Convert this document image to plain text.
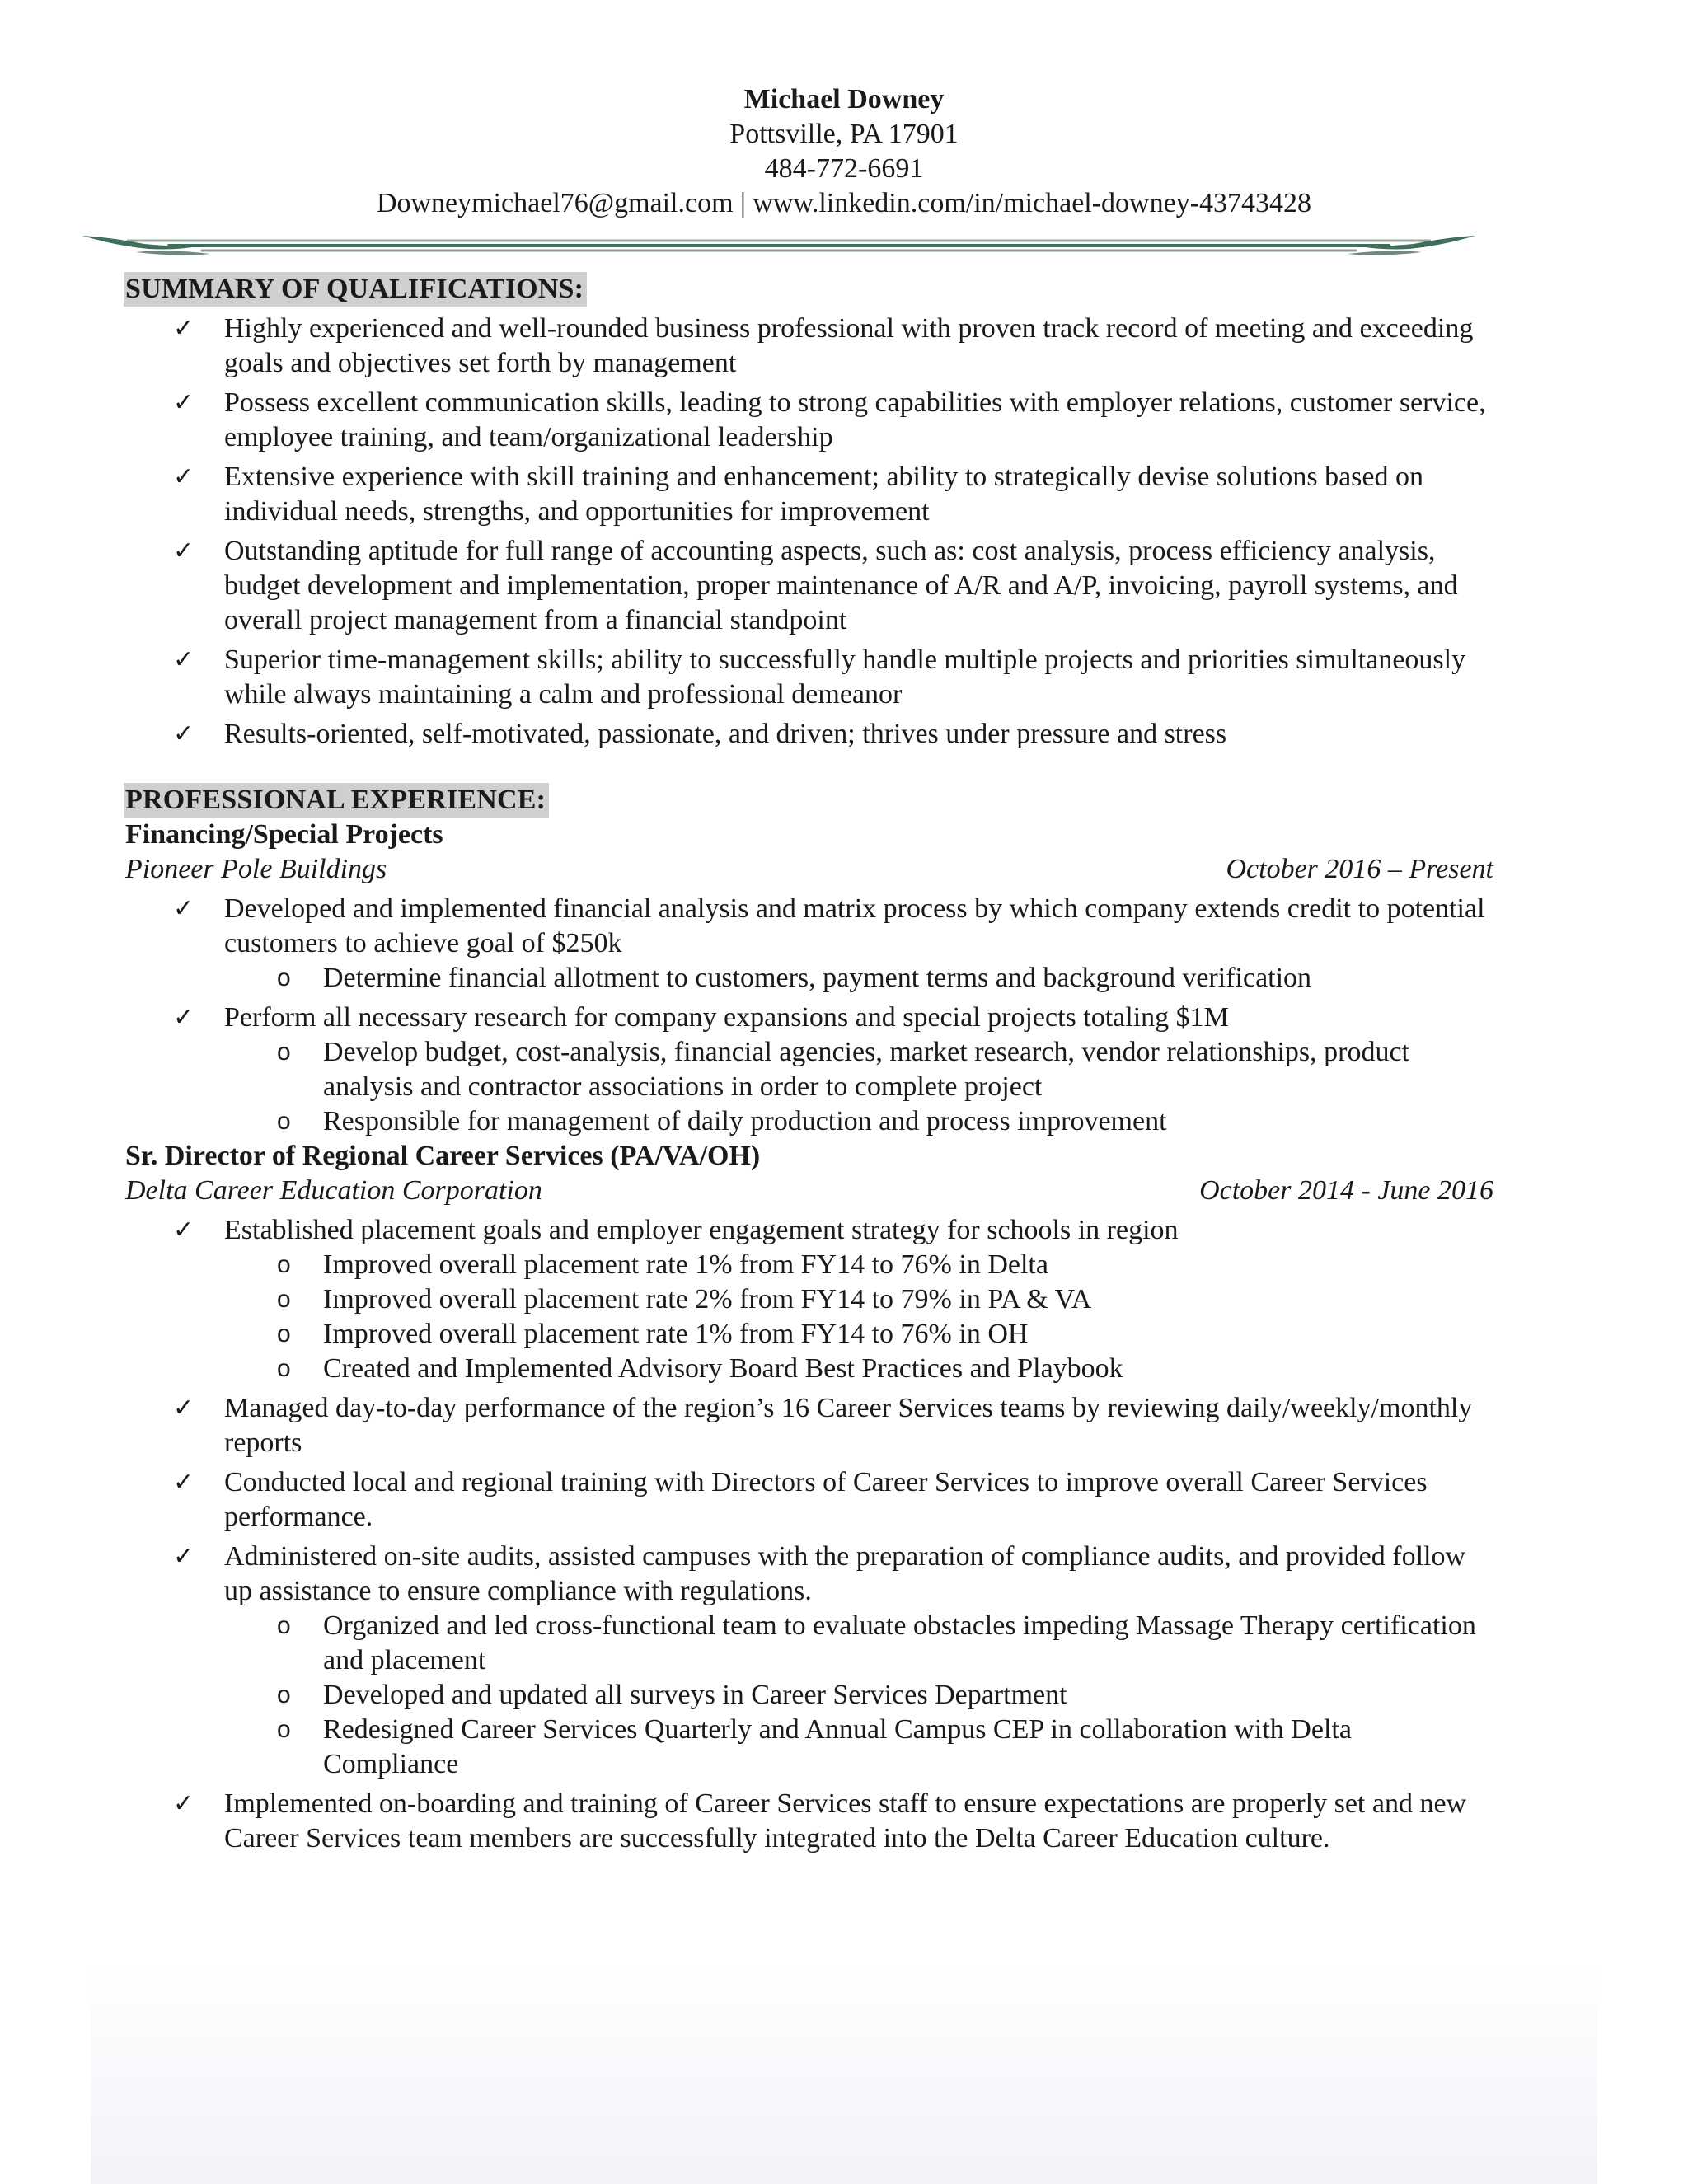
Michael Downey
Pottsville, PA 17901
484-772-6691
Downeymichael76@gmail.com | www.linkedin.com/in/michael-downey-43743428
SUMMARY OF QUALIFICATIONS:
✓ Highly experienced and well-rounded business professional with proven track record of meeting and exceeding goals and objectives set forth by management
✓ Possess excellent communication skills, leading to strong capabilities with employer relations, customer service, employee training, and team/organizational leadership
✓ Extensive experience with skill training and enhancement; ability to strategically devise solutions based on individual needs, strengths, and opportunities for improvement
✓ Outstanding aptitude for full range of accounting aspects, such as: cost analysis, process efficiency analysis, budget development and implementation, proper maintenance of A/R and A/P, invoicing, payroll systems, and overall project management from a financial standpoint
✓ Superior time-management skills; ability to successfully handle multiple projects and priorities simultaneously while always maintaining a calm and professional demeanor
✓ Results-oriented, self-motivated, passionate, and driven; thrives under pressure and stress
PROFESSIONAL EXPERIENCE:
Financing/Special Projects
Pioneer Pole Buildings	October 2016 – Present
✓ Developed and implemented financial analysis and matrix process by which company extends credit to potential customers to achieve goal of $250k
o Determine financial allotment to customers, payment terms and background verification
✓ Perform all necessary research for company expansions and special projects totaling $1M
o Develop budget, cost-analysis, financial agencies, market research, vendor relationships, product analysis and contractor associations in order to complete project
o Responsible for management of daily production and process improvement
Sr. Director of Regional Career Services (PA/VA/OH)
Delta Career Education Corporation	October 2014 - June 2016
✓ Established placement goals and employer engagement strategy for schools in region
o Improved overall placement rate 1% from FY14 to 76% in Delta
o Improved overall placement rate 2% from FY14 to 79% in PA & VA
o Improved overall placement rate 1% from FY14 to 76% in OH
o Created and Implemented Advisory Board Best Practices and Playbook
✓ Managed day-to-day performance of the region’s 16 Career Services teams by reviewing daily/weekly/monthly reports
✓ Conducted local and regional training with Directors of Career Services to improve overall Career Services performance.
✓ Administered on-site audits, assisted campuses with the preparation of compliance audits, and provided follow up assistance to ensure compliance with regulations.
o Organized and led cross-functional team to evaluate obstacles impeding Massage Therapy certification and placement
o Developed and updated all surveys in Career Services Department
o Redesigned Career Services Quarterly and Annual Campus CEP in collaboration with Delta Compliance
✓ Implemented on-boarding and training of Career Services staff to ensure expectations are properly set and new Career Services team members are successfully integrated into the Delta Career Education culture.
